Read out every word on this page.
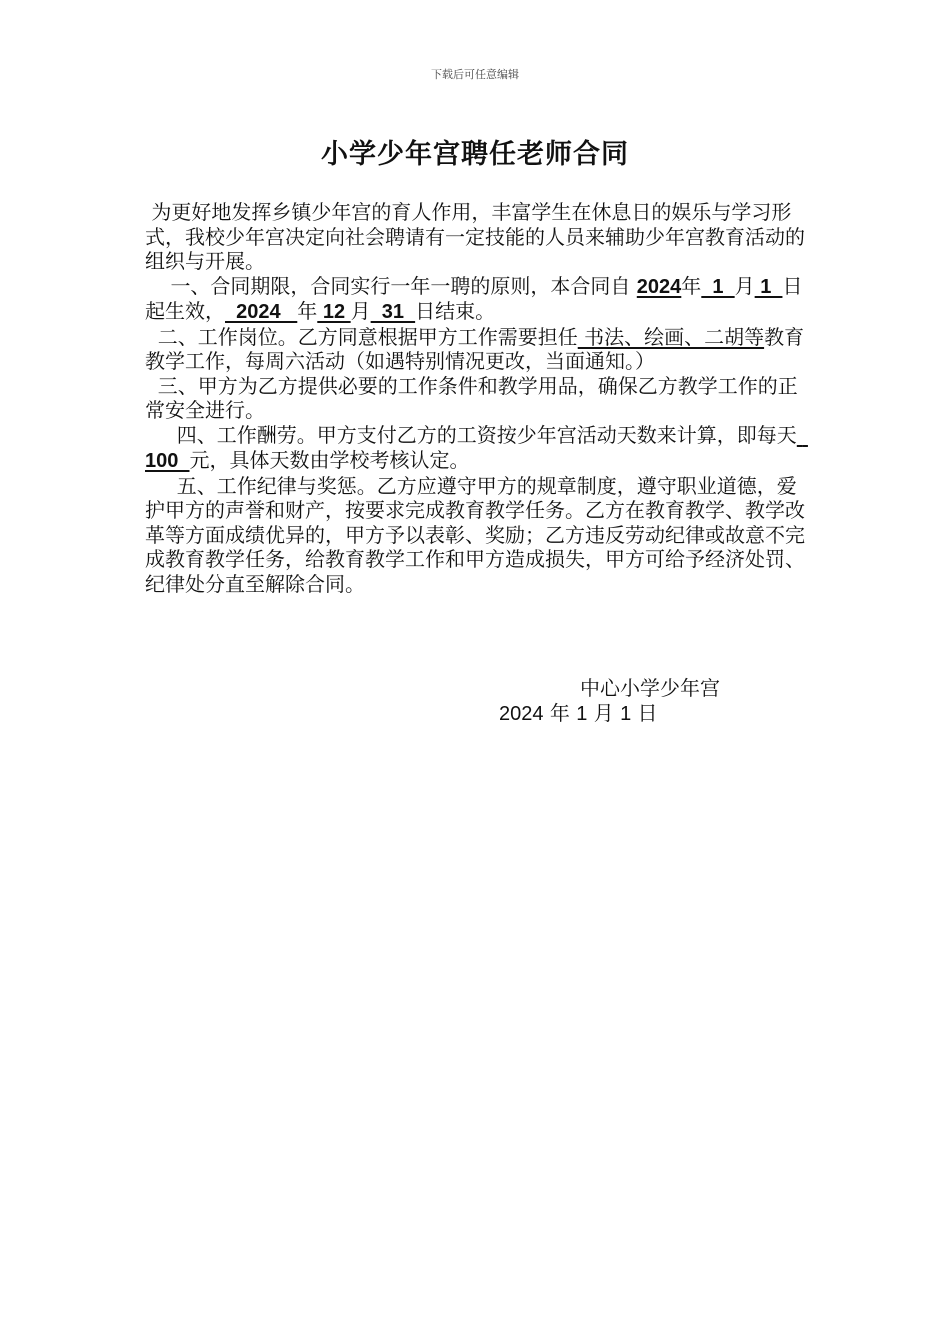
下载后可任意编辑
小学少年宫聘任老师合同

为更好地发挥乡镇少年宫的育人作用，丰富学生在休息日的娱乐与学习形式，我校少年宫决定向社会聘请有一定技能的人员来辅助少年宫教育活动的组织与开展。

一、合同期限，合同实行一年一聘的原则，本合同自 2024年  1  月 1  日起生效，  2024   年 12 月  31  日结束。

二、工作岗位。乙方同意根据甲方工作需要担任 书法、绘画、二胡等教育教学工作，每周六活动（如遇特别情况更改，当面通知。）

三、甲方为乙方提供必要的工作条件和教学用品，确保乙方教学工作的正常安全进行。

四、工作酬劳。甲方支付乙方的工资按少年宫活动天数来计算，即每天  100  元，具体天数由学校考核认定。

五、工作纪律与奖惩。乙方应遵守甲方的规章制度，遵守职业道德，爱护甲方的声誉和财产，按要求完成教育教学任务。乙方在教育教学、教学改革等方面成绩优异的，甲方予以表彰、奖励；乙方违反劳动纪律或故意不完成教育教学任务，给教育教学工作和甲方造成损失，甲方可给予经济处罚、纪律处分直至解除合同。

中心小学少年宫
2024 年 1 月 1 日
